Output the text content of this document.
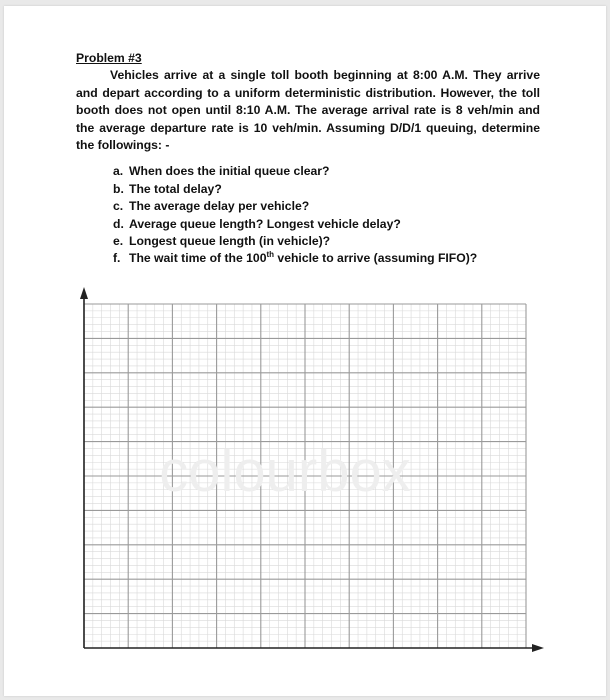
Problem #3

Vehicles arrive at a single toll booth beginning at 8:00 A.M. They arrive and depart according to a uniform deterministic distribution. However, the toll booth does not open until 8:10 A.M. The average arrival rate is 8 veh/min and the average departure rate is 10 veh/min. Assuming D/D/1 queuing, determine the followings: -

a. When does the initial queue clear?
b. The total delay?
c. The average delay per vehicle?
d. Average queue length? Longest vehicle delay?
e. Longest queue length (in vehicle)?
f. The wait time of the 100th vehicle to arrive (assuming FIFO)?
colourbox
